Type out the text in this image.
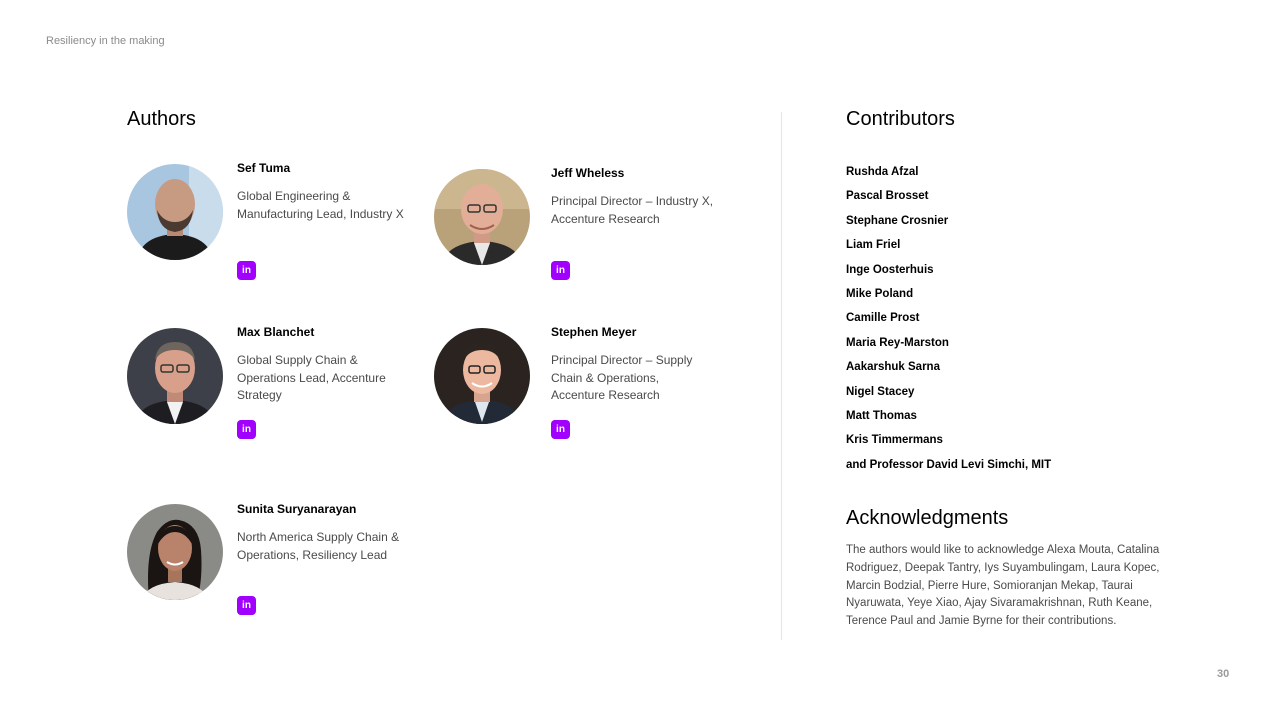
Resiliency in the making
Authors
Sef Tuma
Global Engineering & Manufacturing Lead, Industry X
in
Jeff Wheless
Principal Director – Industry X, Accenture Research
in
Max Blanchet
Global Supply Chain & Operations Lead, Accenture Strategy
in
Stephen Meyer
Principal Director – Supply Chain & Operations, Accenture Research
in
Sunita Suryanarayan
North America Supply Chain & Operations, Resiliency Lead
in
Contributors
Rushda Afzal
Pascal Brosset
Stephane Crosnier
Liam Friel
Inge Oosterhuis
Mike Poland
Camille Prost
Maria Rey-Marston
Aakarshuk Sarna
Nigel Stacey
Matt Thomas
Kris Timmermans
and Professor David Levi Simchi, MIT
Acknowledgments

The authors would like to acknowledge Alexa Mouta, Catalina Rodriguez, Deepak Tantry, Iys Suyambulingam, Laura Kopec, Marcin Bodzial, Pierre Hure, Somioranjan Mekap, Taurai Nyaruwata, Yeye Xiao, Ajay Sivaramakrishnan, Ruth Keane, Terence Paul and Jamie Byrne for their contributions.

30
